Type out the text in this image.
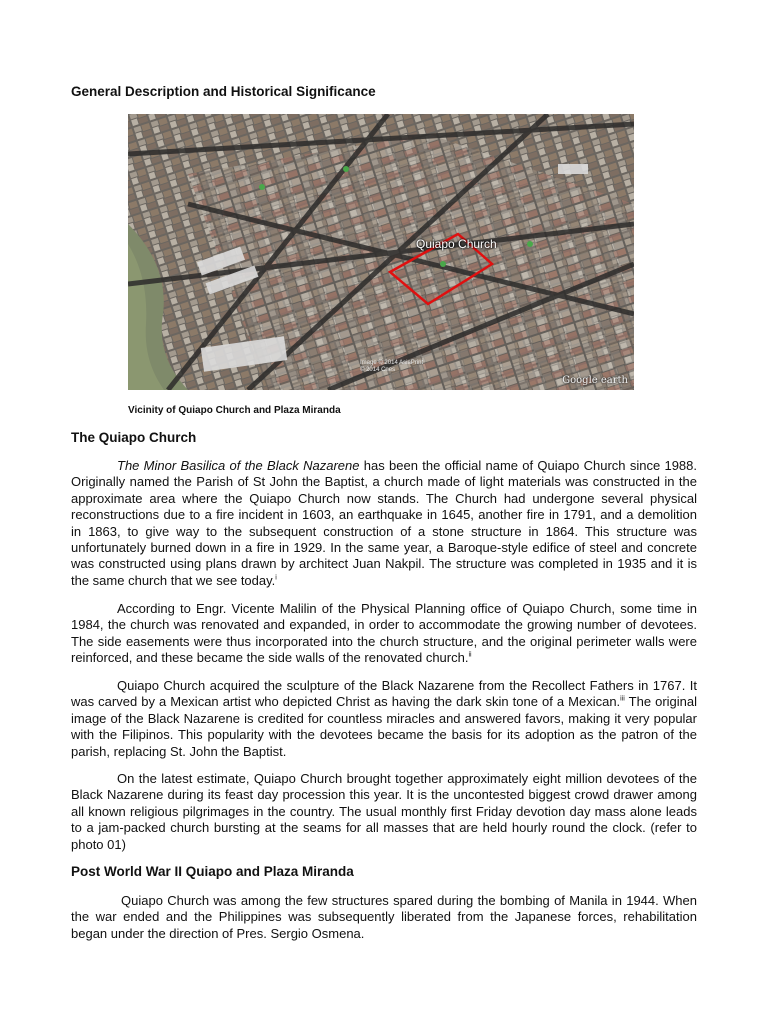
General Description and Historical Significance
Quiapo Church
Image © 2014 AsiaPrint
© 2014 Cnes
Google earth
Vicinity of Quiapo Church and Plaza Miranda
The Quiapo Church

The Minor Basilica of the Black Nazarene has been the official name of Quiapo Church since 1988. Originally named the Parish of St John the Baptist, a church made of light materials was constructed in the approximate area where the Quiapo Church now stands. The Church had undergone several physical reconstructions due to a fire incident in 1603, an earthquake in 1645, another fire in 1791, and a demolition in 1863, to give way to the subsequent construction of a stone structure in 1864. This structure was unfortunately burned down in a fire in 1929. In the same year, a Baroque-style edifice of steel and concrete was constructed using plans drawn by architect Juan Nakpil. The structure was completed in 1935 and it is the same church that we see today.$^i$

According to Engr. Vicente Malilin of the Physical Planning office of Quiapo Church, some time in 1984, the church was renovated and expanded, in order to accommodate the growing number of devotees. The side easements were thus incorporated into the church structure, and the original perimeter walls were reinforced, and these became the side walls of the renovated church.$^{ii}$

Quiapo Church acquired the sculpture of the Black Nazarene from the Recollect Fathers in 1767. It was carved by a Mexican artist who depicted Christ as having the dark skin tone of a Mexican.$^{iii}$ The original image of the Black Nazarene is credited for countless miracles and answered favors, making it very popular with the Filipinos. This popularity with the devotees became the basis for its adoption as the patron of the parish, replacing St. John the Baptist.

On the latest estimate, Quiapo Church brought together approximately eight million devotees of the Black Nazarene during its feast day procession this year. It is the uncontested biggest crowd drawer among all known religious pilgrimages in the country. The usual monthly first Friday devotion day mass alone leads to a jam-packed church bursting at the seams for all masses that are held hourly round the clock. (refer to photo 01)

Post World War II Quiapo and Plaza Miranda

Quiapo Church was among the few structures spared during the bombing of Manila in 1944. When the war ended and the Philippines was subsequently liberated from the Japanese forces, rehabilitation began under the direction of Pres. Sergio Osmena.
